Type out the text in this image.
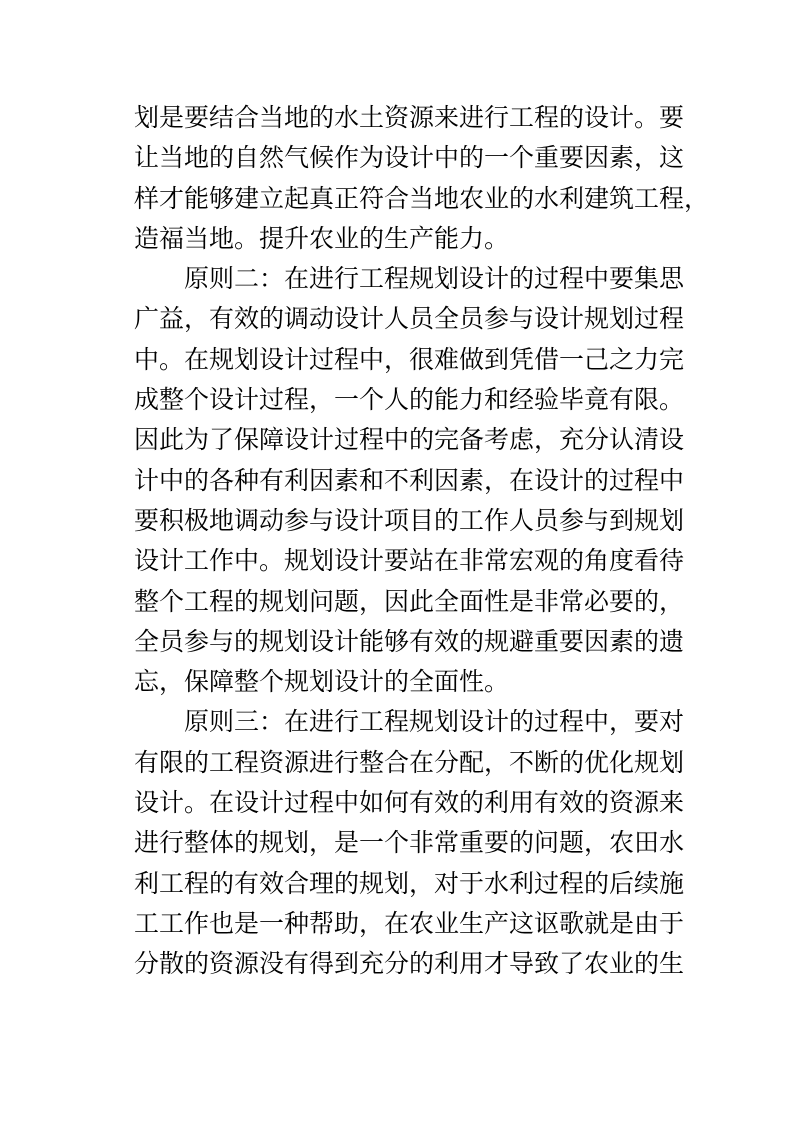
划是要结合当地的水土资源来进行工程的设计。要
让当地的自然气候作为设计中的一个重要因素，这
样才能够建立起真正符合当地农业的水利建筑工程，
造福当地。提升农业的生产能力。
原则二：在进行工程规划设计的过程中要集思
广益，有效的调动设计人员全员参与设计规划过程
中。在规划设计过程中，很难做到凭借一己之力完
成整个设计过程，一个人的能力和经验毕竟有限。
因此为了保障设计过程中的完备考虑，充分认清设
计中的各种有利因素和不利因素，在设计的过程中
要积极地调动参与设计项目的工作人员参与到规划
设计工作中。规划设计要站在非常宏观的角度看待
整个工程的规划问题，因此全面性是非常必要的，
全员参与的规划设计能够有效的规避重要因素的遗
忘，保障整个规划设计的全面性。
原则三：在进行工程规划设计的过程中，要对
有限的工程资源进行整合在分配，不断的优化规划
设计。在设计过程中如何有效的利用有效的资源来
进行整体的规划，是一个非常重要的问题，农田水
利工程的有效合理的规划，对于水利过程的后续施
工工作也是一种帮助，在农业生产这讴歌就是由于
分散的资源没有得到充分的利用才导致了农业的生
